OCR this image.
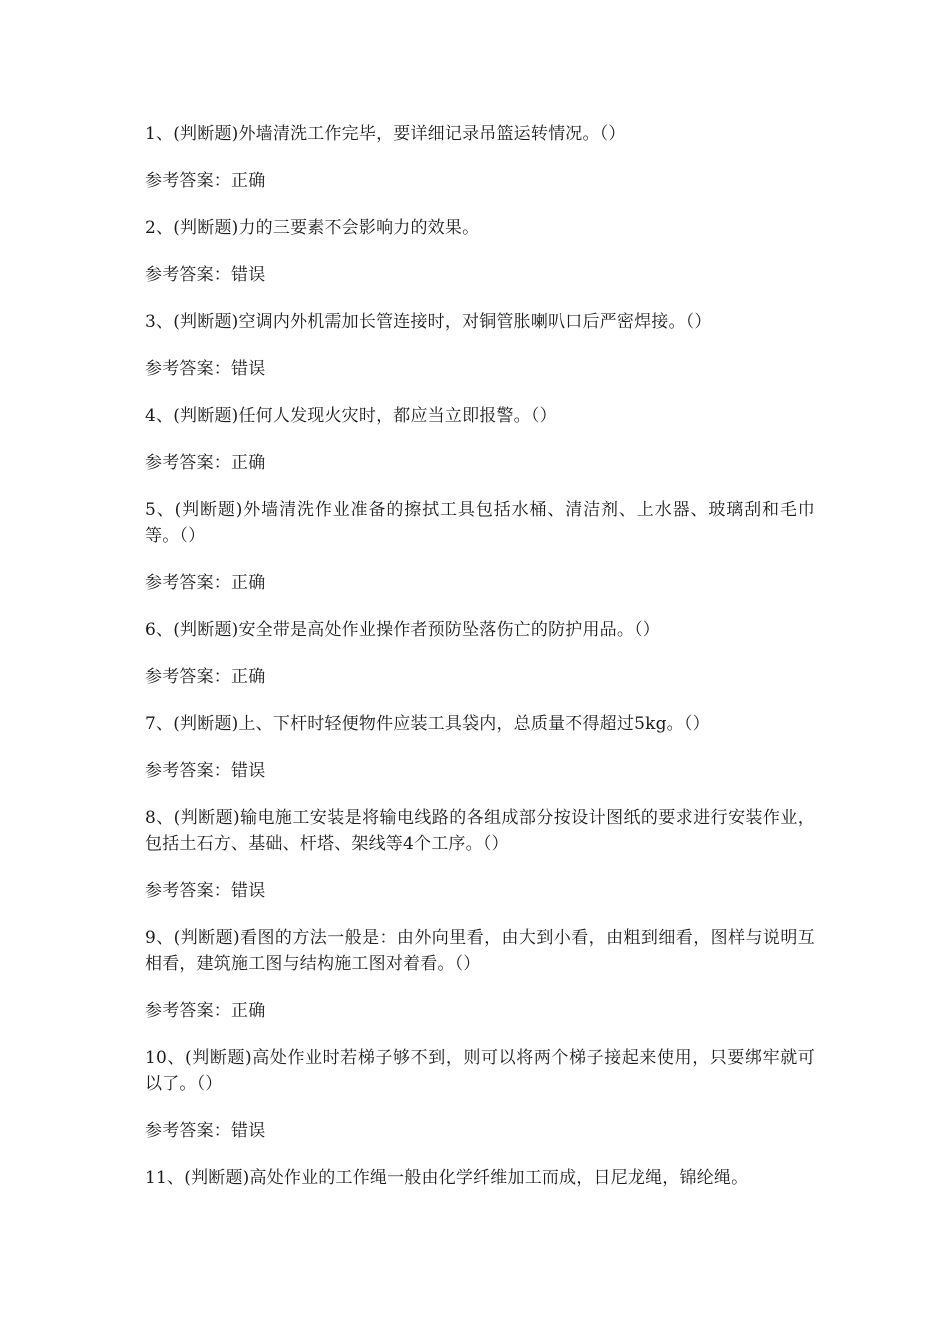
1、(判断题)外墙清洗工作完毕，要详细记录吊篮运转情况。（）

参考答案：正确

2、(判断题)力的三要素不会影响力的效果。

参考答案：错误

3、(判断题)空调内外机需加长管连接时，对铜管胀喇叭口后严密焊接。（）

参考答案：错误

4、(判断题)任何人发现火灾时，都应当立即报警。（）

参考答案：正确

5、(判断题)外墙清洗作业准备的擦拭工具包括水桶、清洁剂、上水器、玻璃刮和毛巾等。（）

参考答案：正确

6、(判断题)安全带是高处作业操作者预防坠落伤亡的防护用品。（）

参考答案：正确

7、(判断题)上、下杆时轻便物件应装工具袋内，总质量不得超过5kg。（）

参考答案：错误

8、(判断题)输电施工安装是将输电线路的各组成部分按设计图纸的要求进行安装作业，包括土石方、基础、杆塔、架线等4个工序。（）

参考答案：错误

9、(判断题)看图的方法一般是：由外向里看，由大到小看，由粗到细看，图样与说明互相看，建筑施工图与结构施工图对着看。（）

参考答案：正确

10、(判断题)高处作业时若梯子够不到，则可以将两个梯子接起来使用，只要绑牢就可以了。（）

参考答案：错误

11、(判断题)高处作业的工作绳一般由化学纤维加工而成，日尼龙绳，锦纶绳。
